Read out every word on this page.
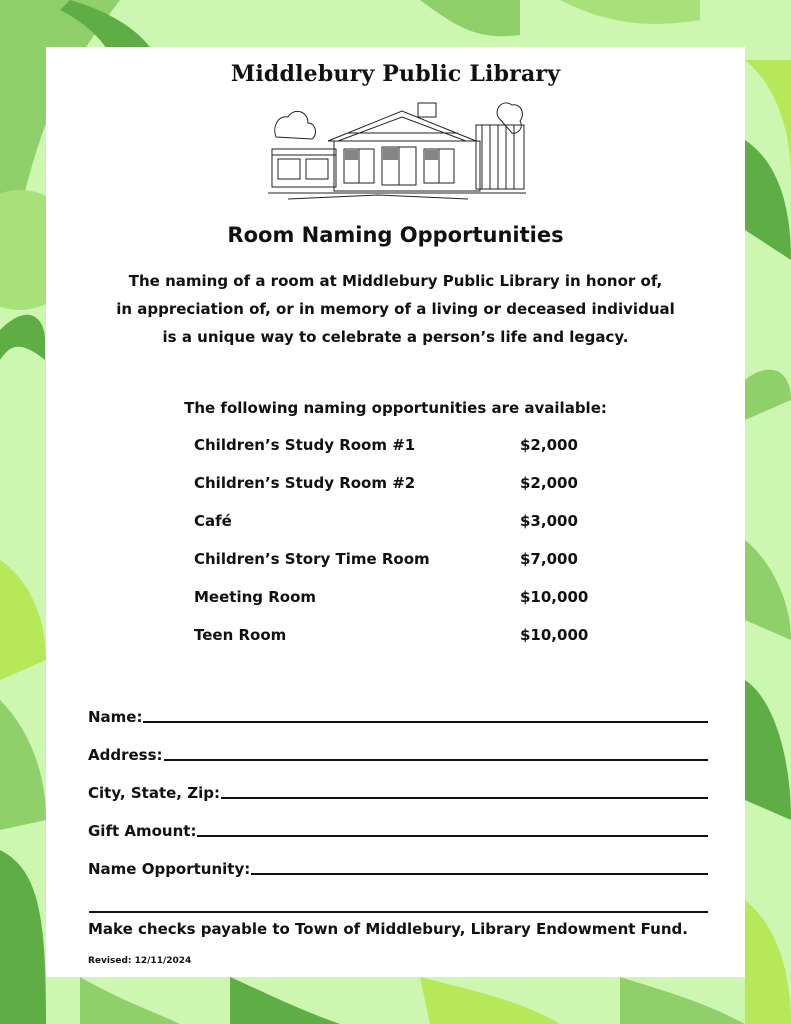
Middlebury Public Library
Room Naming Opportunities
The naming of a room at Middlebury Public Library in honor of,
in appreciation of, or in memory of a living or deceased individual
is a unique way to celebrate a person’s life and legacy.
The following naming opportunities are available:
Children’s Study Room #1	$2,000
Children’s Study Room #2	$2,000
Café	$3,000
Children’s Story Time Room	$7,000
Meeting Room	$10,000
Teen Room	$10,000
Name:
Address:
City, State, Zip:
Gift Amount:
Name Opportunity:
Make checks payable to Town of Middlebury, Library Endowment Fund.
Revised: 12/11/2024
